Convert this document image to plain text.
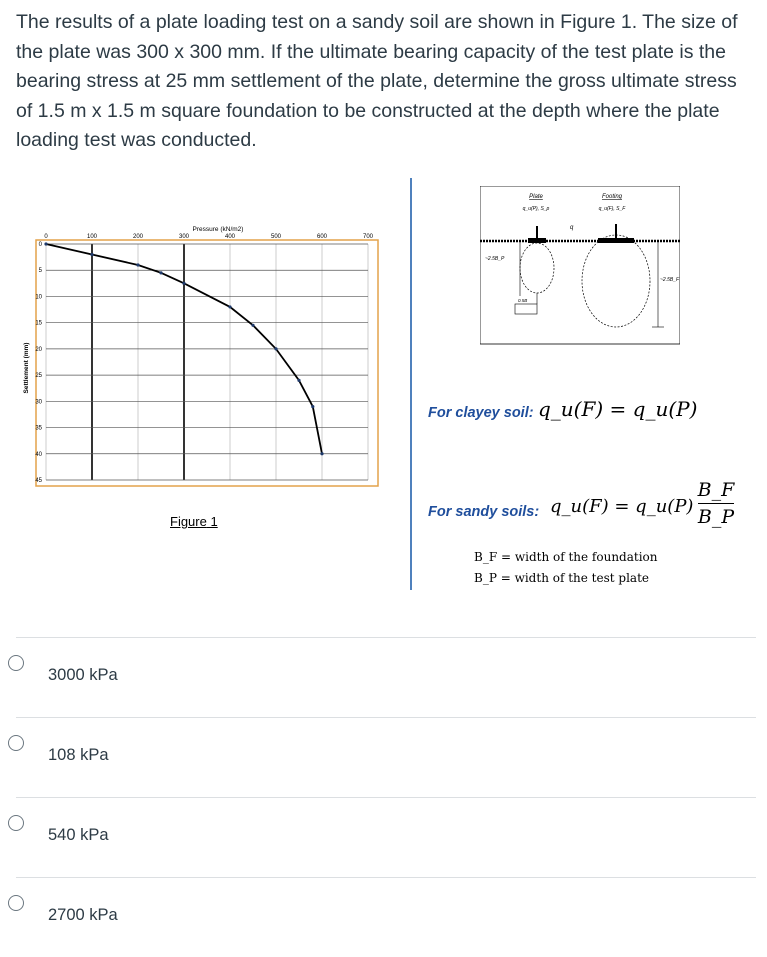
The results of a plate loading test on a sandy soil are shown in Figure 1. The size of the plate was 300 x 300 mm. If the ultimate bearing capacity of the test plate is the bearing stress at 25 mm settlement of the plate, determine the gross ultimate stress of 1.5 m x 1.5 m square foundation to be constructed at the depth where the plate loading test was conducted.
0	100	200	300	400	500	600	700
0
5
10
15
20
25
30
35
40
45
Pressure (kN/m2)
Settlement (mm)
Figure 1
Plate
q_u(P), S_p
Footing
q_u(F), S_F
q
~2.5B_P
~2.5B_F
0.5B
For clayey soil: q_u(F) = q_u(P)
For sandy soils: q_u(F) = q_u(P)
B_F
B_P
B_F = width of the foundation
B_P = width of the test plate
3000 kPa
108 kPa
540 kPa
2700 kPa
